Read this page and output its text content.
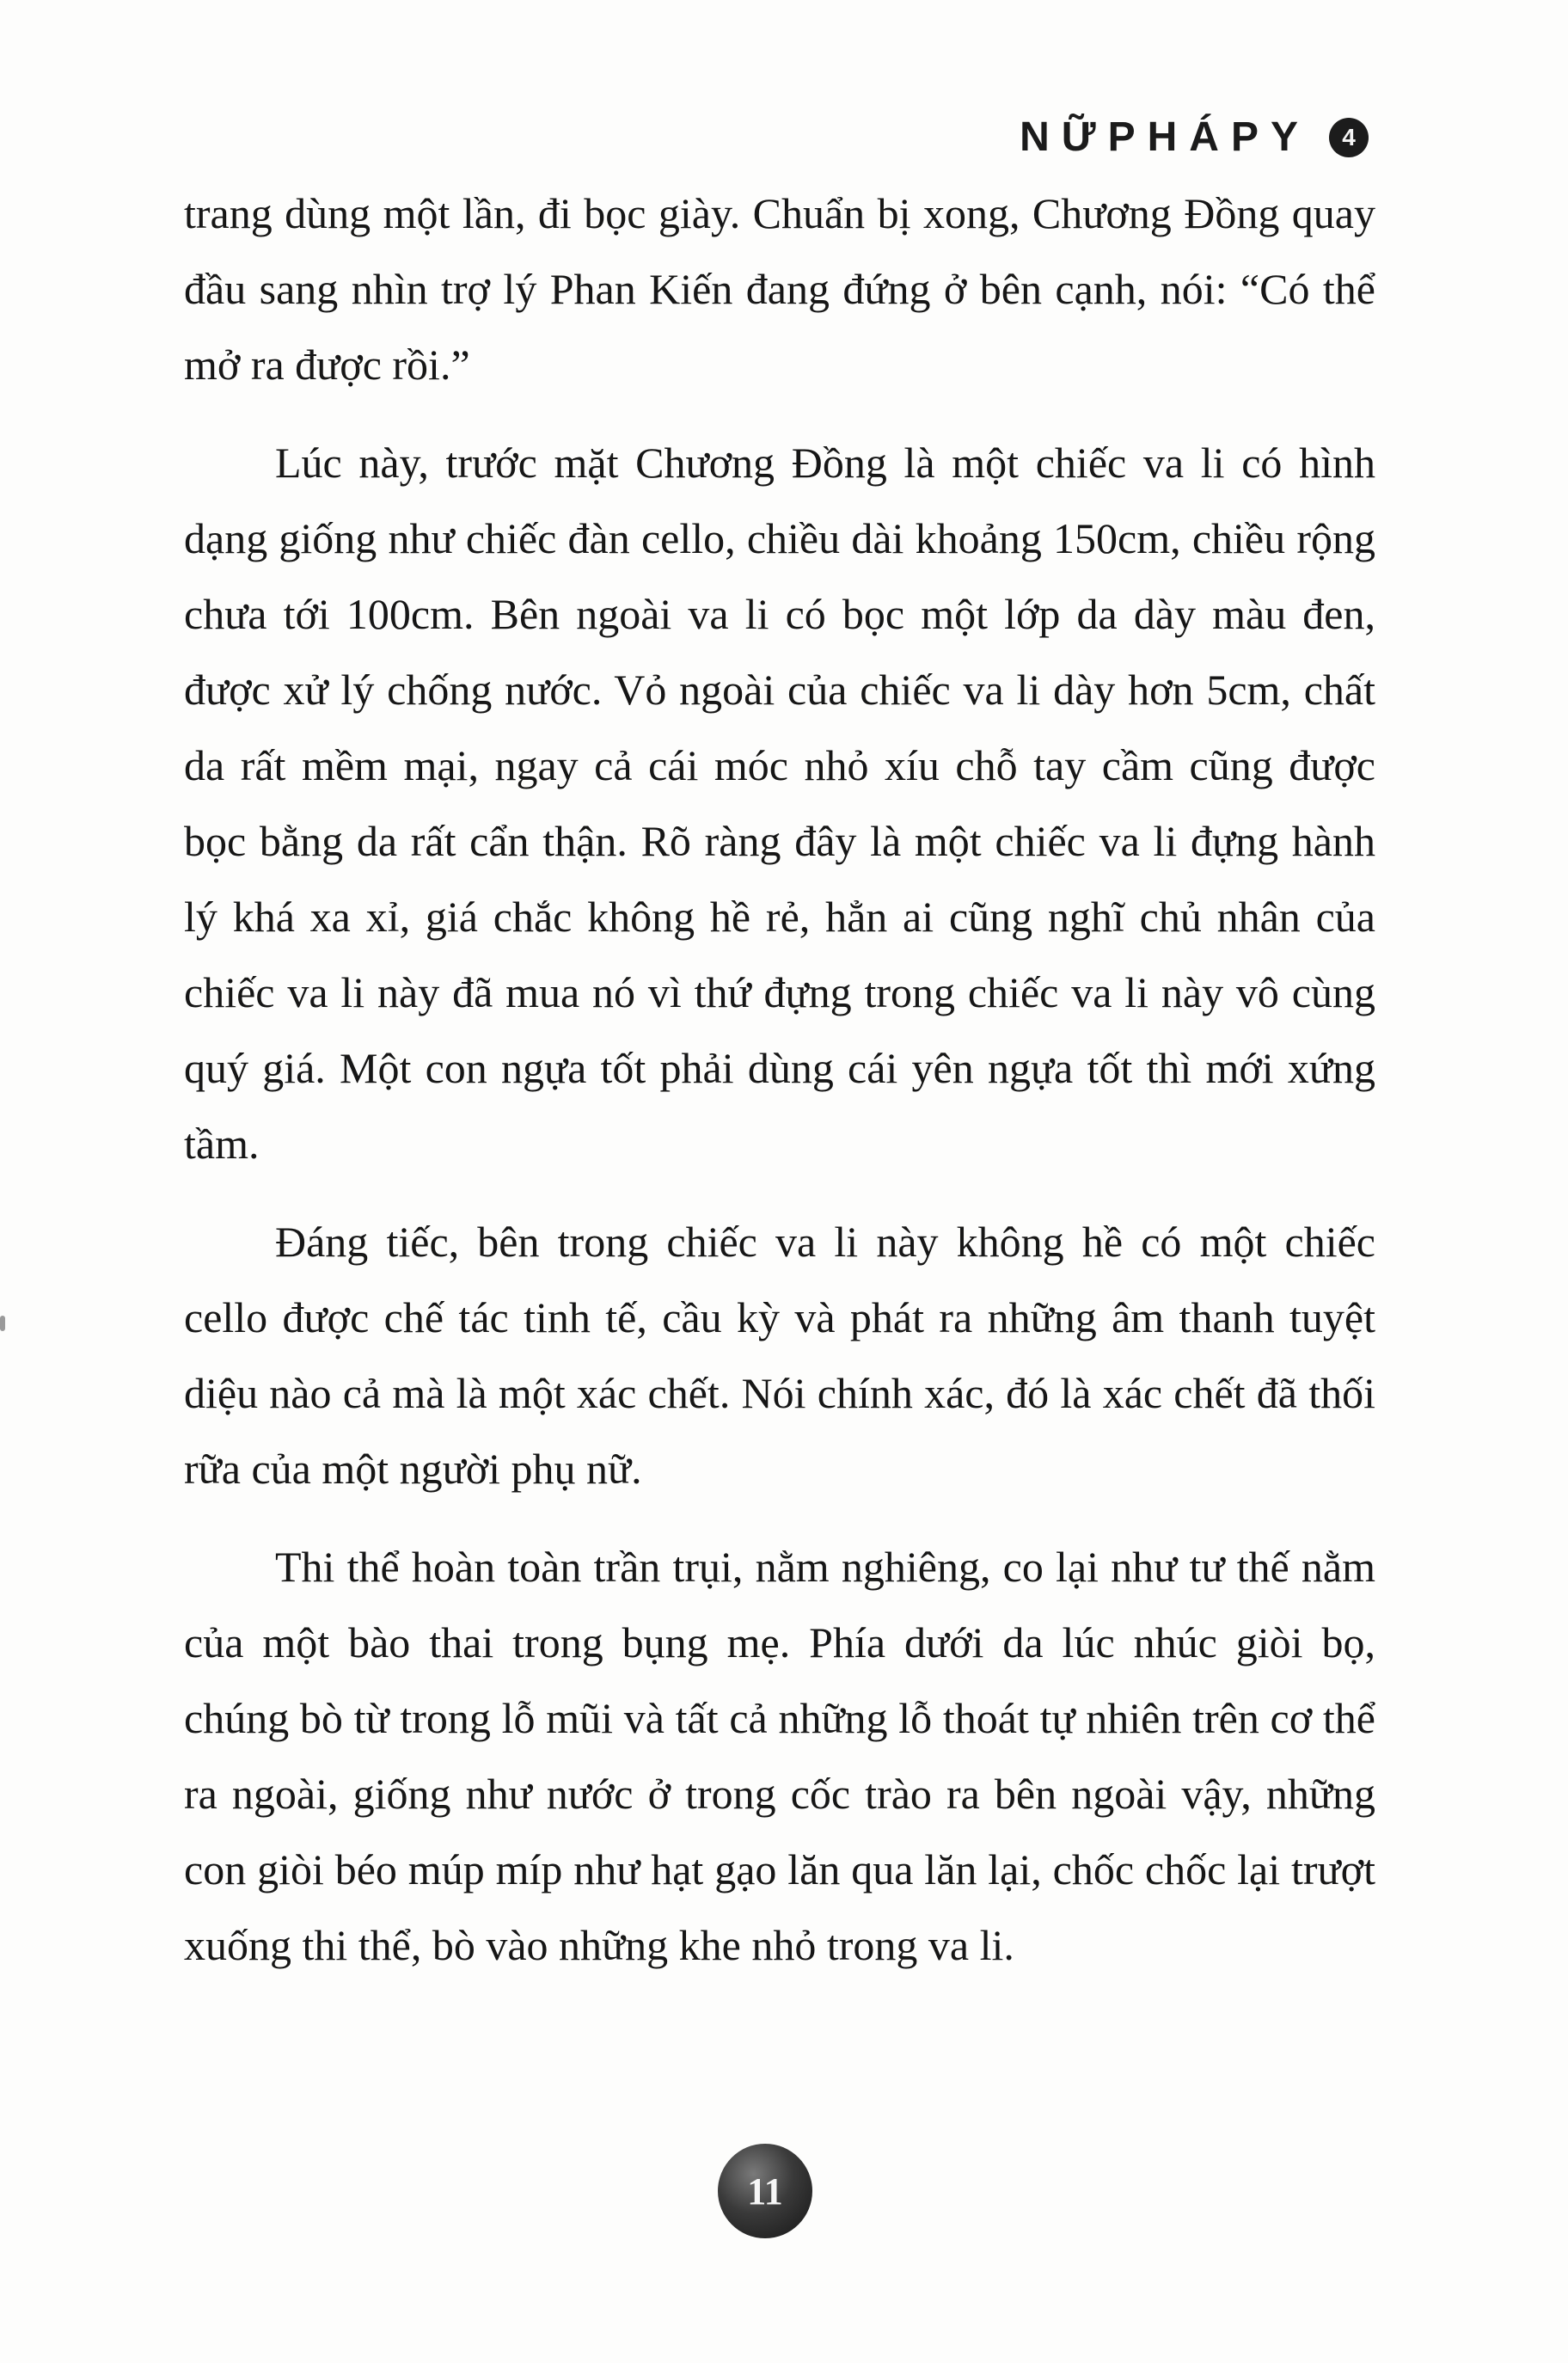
NỮPHÁPY	4

trang dùng một lần, đi bọc giày. Chuẩn bị xong, Chương Đồng quay đầu sang nhìn trợ lý Phan Kiến đang đứng ở bên cạnh, nói: “Có thể mở ra được rồi.”

Lúc này, trước mặt Chương Đồng là một chiếc va li có hình dạng giống như chiếc đàn cello, chiều dài khoảng 150cm, chiều rộng chưa tới 100cm. Bên ngoài va li có bọc một lớp da dày màu đen, được xử lý chống nước. Vỏ ngoài của chiếc va li dày hơn 5cm, chất da rất mềm mại, ngay cả cái móc nhỏ xíu chỗ tay cầm cũng được bọc bằng da rất cẩn thận. Rõ ràng đây là một chiếc va li đựng hành lý khá xa xỉ, giá chắc không hề rẻ, hẳn ai cũng nghĩ chủ nhân của chiếc va li này đã mua nó vì thứ đựng trong chiếc va li này vô cùng quý giá. Một con ngựa tốt phải dùng cái yên ngựa tốt thì mới xứng tầm.

Đáng tiếc, bên trong chiếc va li này không hề có một chiếc cello được chế tác tinh tế, cầu kỳ và phát ra những âm thanh tuyệt diệu nào cả mà là một xác chết. Nói chính xác, đó là xác chết đã thối rữa của một người phụ nữ.

Thi thể hoàn toàn trần trụi, nằm nghiêng, co lại như tư thế nằm của một bào thai trong bụng mẹ. Phía dưới da lúc nhúc giòi bọ, chúng bò từ trong lỗ mũi và tất cả những lỗ thoát tự nhiên trên cơ thể ra ngoài, giống như nước ở trong cốc trào ra bên ngoài vậy, những con giòi béo múp míp như hạt gạo lăn qua lăn lại, chốc chốc lại trượt xuống thi thể, bò vào những khe nhỏ trong va li.

11
